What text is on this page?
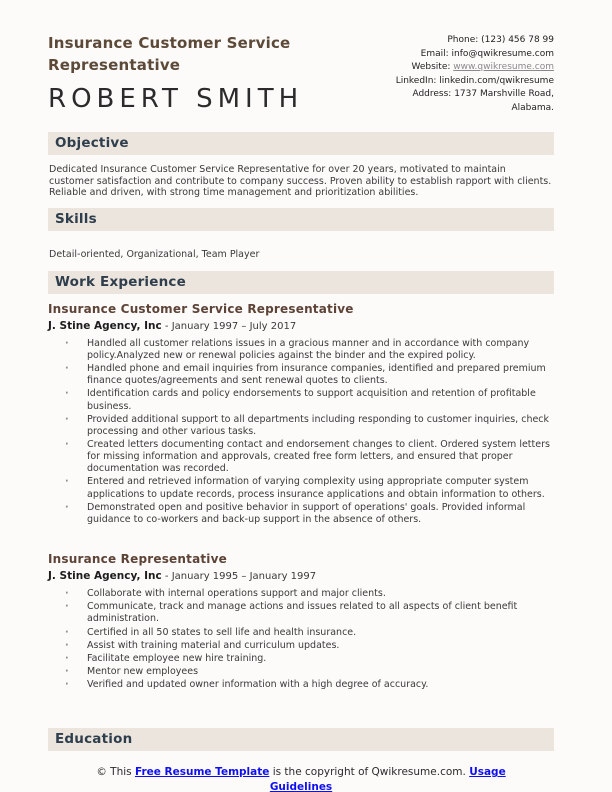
Insurance Customer Service Representative
ROBERT SMITH
Phone: (123) 456 78 99
Email: info@qwikresume.com
Website: www.qwikresume.com
LinkedIn: linkedin.com/qwikresume
Address: 1737 Marshville Road, Alabama.
Objective

Dedicated Insurance Customer Service Representative for over 20 years, motivated to maintain customer satisfaction and contribute to company success. Proven ability to establish rapport with clients. Reliable and driven, with strong time management and prioritization abilities.

Skills

Detail-oriented, Organizational, Team Player

Work Experience
Insurance Customer Service Representative
J. Stine Agency, Inc - January 1997 – July 2017
· Handled all customer relations issues in a gracious manner and in accordance with company policy.Analyzed new or renewal policies against the binder and the expired policy.
· Handled phone and email inquiries from insurance companies, identified and prepared premium finance quotes/agreements and sent renewal quotes to clients.
· Identification cards and policy endorsements to support acquisition and retention of profitable business.
· Provided additional support to all departments including responding to customer inquiries, check processing and other various tasks.
· Created letters documenting contact and endorsement changes to client. Ordered system letters for missing information and approvals, created free form letters, and ensured that proper documentation was recorded.
· Entered and retrieved information of varying complexity using appropriate computer system applications to update records, process insurance applications and obtain information to others.
· Demonstrated open and positive behavior in support of operations' goals. Provided informal guidance to co-workers and back-up support in the absence of others.
Insurance Representative
J. Stine Agency, Inc - January 1995 – January 1997
· Collaborate with internal operations support and major clients.
· Communicate, track and manage actions and issues related to all aspects of client benefit administration.
· Certified in all 50 states to sell life and health insurance.
· Assist with training material and curriculum updates.
· Facilitate employee new hire training.
· Mentor new employees
· Verified and updated owner information with a high degree of accuracy.
Education
© This Free Resume Template is the copyright of Qwikresume.com. Usage Guidelines
